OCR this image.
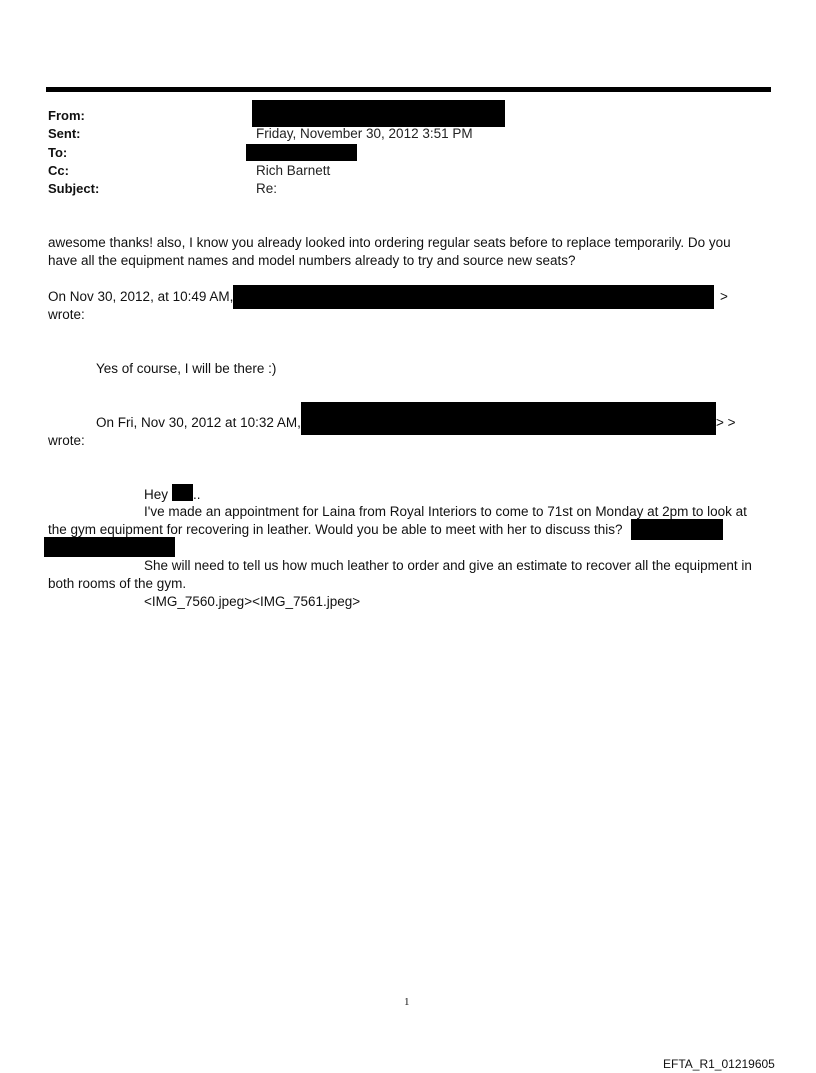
From:
Sent:	Friday, November 30, 2012 3:51 PM
To:
Cc:	Rich Barnett
Subject:	Re:
awesome thanks! also, I know you already looked into ordering regular seats before to replace temporarily. Do you
have all the equipment names and model numbers already to try and source new seats?
On Nov 30, 2012, at 10:49 AM,	>
wrote:
Yes of course, I will be there :)
On Fri, Nov 30, 2012 at 10:32 AM,	> >
wrote:
Hey ..
I've made an appointment for Laina from Royal Interiors to come to 71st on Monday at 2pm to look at
the gym equipment for recovering in leather. Would you be able to meet with her to discuss this?
She will need to tell us how much leather to order and give an estimate to recover all the equipment in
both rooms of the gym.
<IMG_7560.jpeg><IMG_7561.jpeg>
1
EFTA_R1_01219605
